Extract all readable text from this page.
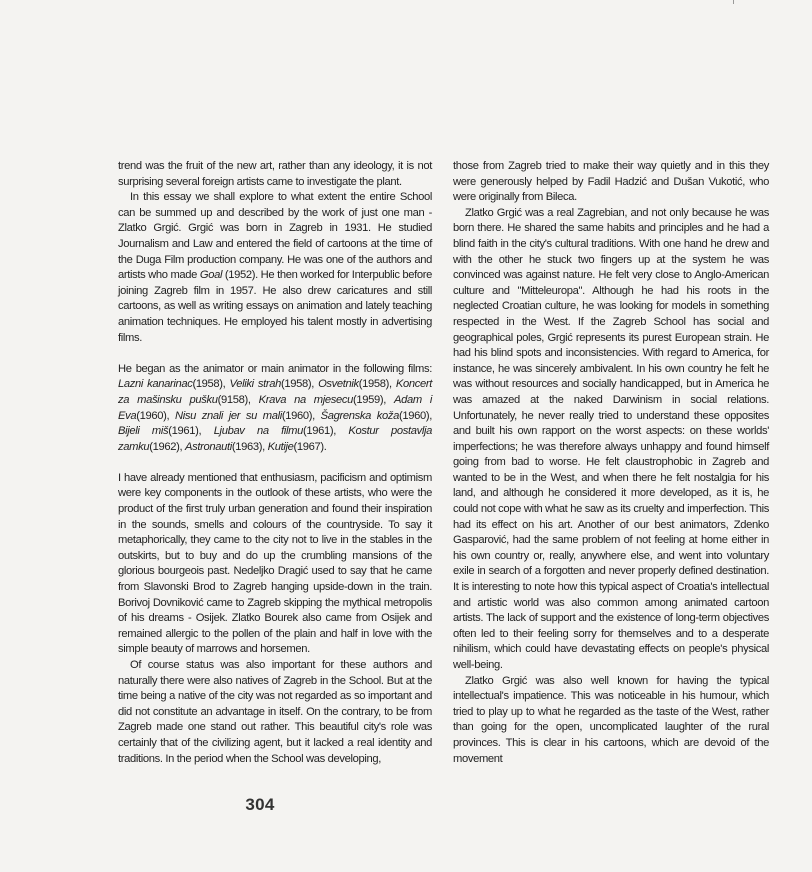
trend was the fruit of the new art, rather than any ideology, it is not surprising several foreign artists came to investigate the plant.

In this essay we shall explore to what extent the entire School can be summed up and described by the work of just one man - Zlatko Grgić. Grgić was born in Zagreb in 1931. He studied Journalism and Law and entered the field of cartoons at the time of the Duga Film production company. He was one of the authors and artists who made Goal (1952). He then worked for Interpublic before joining Zagreb film in 1957. He also drew caricatures and still cartoons, as well as writing essays on animation and lately teaching animation techniques. He employed his talent mostly in advertising films.

He began as the animator or main animator in the following films: Lazni kanarinac(1958), Veliki strah(1958), Osvetnik(1958), Koncert za mašinsku pušku(9158), Krava na mjesecu(1959), Adam i Eva(1960), Nisu znali jer su mali(1960), Šagrenska koža(1960), Bijeli miš(1961), Ljubav na filmu(1961), Kostur postavlja zamku(1962), Astronauti(1963), Kutije(1967).

I have already mentioned that enthusiasm, pacificism and optimism were key components in the outlook of these artists, who were the product of the first truly urban generation and found their inspiration in the sounds, smells and colours of the countryside. To say it metaphorically, they came to the city not to live in the stables in the outskirts, but to buy and do up the crumbling mansions of the glorious bourgeois past. Nedeljko Dragić used to say that he came from Slavonski Brod to Zagreb hanging upside-down in the train. Borivoj Dovniković came to Zagreb skipping the mythical metropolis of his dreams - Osijek. Zlatko Bourek also came from Osijek and remained allergic to the pollen of the plain and half in love with the simple beauty of marrows and horsemen.

Of course status was also important for these authors and naturally there were also natives of Zagreb in the School. But at the time being a native of the city was not regarded as so important and did not constitute an advantage in itself. On the contrary, to be from Zagreb made one stand out rather. This beautiful city's role was certainly that of the civilizing agent, but it lacked a real identity and traditions. In the period when the School was developing,

those from Zagreb tried to make their way quietly and in this they were generously helped by Fadil Hadzić and Dušan Vukotić, who were originally from Bileca.

Zlatko Grgić was a real Zagrebian, and not only because he was born there. He shared the same habits and principles and he had a blind faith in the city's cultural traditions. With one hand he drew and with the other he stuck two fingers up at the system he was convinced was against nature. He felt very close to Anglo-American culture and "Mitteleuropa". Although he had his roots in the neglected Croatian culture, he was looking for models in something respected in the West. If the Zagreb School has social and geographical poles, Grgić represents its purest European strain. He had his blind spots and inconsistencies. With regard to America, for instance, he was sincerely ambivalent. In his own country he felt he was without resources and socially handicapped, but in America he was amazed at the naked Darwinism in social relations. Unfortunately, he never really tried to understand these opposites and built his own rapport on the worst aspects: on these worlds' imperfections; he was therefore always unhappy and found himself going from bad to worse. He felt claustrophobic in Zagreb and wanted to be in the West, and when there he felt nostalgia for his land, and although he considered it more developed, as it is, he could not cope with what he saw as its cruelty and imperfection. This had its effect on his art. Another of our best animators, Zdenko Gasparović, had the same problem of not feeling at home either in his own country or, really, anywhere else, and went into voluntary exile in search of a forgotten and never properly defined destination. It is interesting to note how this typical aspect of Croatia's intellectual and artistic world was also common among animated cartoon artists. The lack of support and the existence of long-term objectives often led to their feeling sorry for themselves and to a desperate nihilism, which could have devastating effects on people's physical well-being.

Zlatko Grgić was also well known for having the typical intellectual's impatience. This was noticeable in his humour, which tried to play up to what he regarded as the taste of the West, rather than going for the open, uncomplicated laughter of the rural provinces. This is clear in his cartoons, which are devoid of the movement

304
